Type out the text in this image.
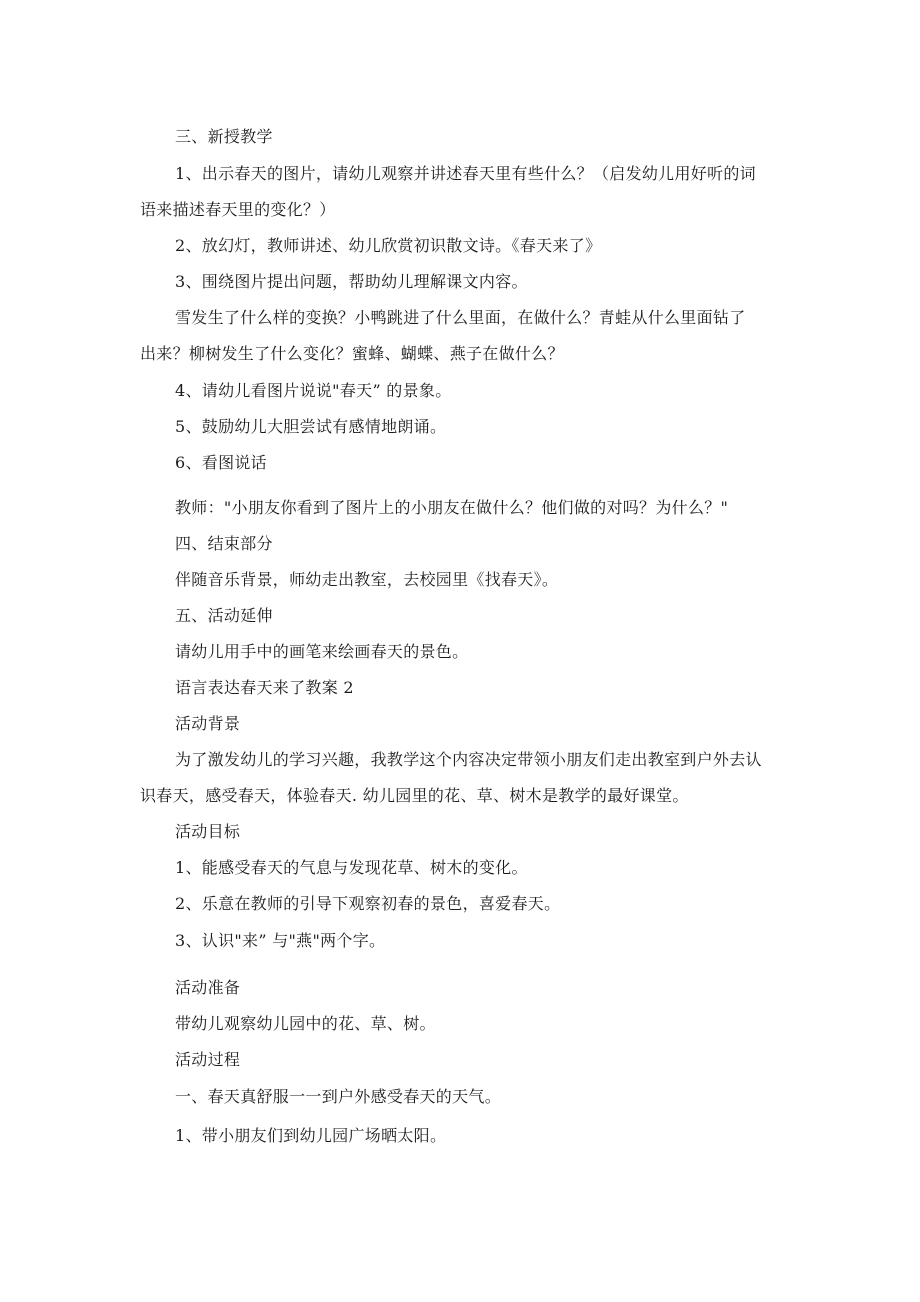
三、新授教学
1、出示春天的图片，请幼儿观察并讲述春天里有些什么？（启发幼儿用好听的词
语来描述春天里的变化？）
2、放幻灯，教师讲述、幼儿欣赏初识散文诗。《春天来了》
3、围绕图片提出问题，帮助幼儿理解课文内容。
雪发生了什么样的变换？小鸭跳进了什么里面，在做什么？青蛙从什么里面钻了
出来？柳树发生了什么变化？蜜蜂、蝴蝶、燕子在做什么？
4、请幼儿看图片说说"春天” 的景象。
5、鼓励幼儿大胆尝试有感情地朗诵。
6、看图说话
教师："小朋友你看到了图片上的小朋友在做什么？他们做的对吗？为什么？"
四、结束部分
伴随音乐背景，师幼走出教室，去校园里《找春天》。
五、活动延伸
请幼儿用手中的画笔来绘画春天的景色。
语言表达春天来了教案 2
活动背景
为了激发幼儿的学习兴趣，我教学这个内容决定带领小朋友们走出教室到户外去认
识春天，感受春天，体验春天. 幼儿园里的花、草、树木是教学的最好课堂。
活动目标
1、能感受春天的气息与发现花草、树木的变化。
2、乐意在教师的引导下观察初春的景色，喜爱春天。
3、认识"来” 与"燕"两个字。
活动准备
带幼儿观察幼儿园中的花、草、树。
活动过程
一、春天真舒服一一到户外感受春天的天气。
1、带小朋友们到幼儿园广场晒太阳。
